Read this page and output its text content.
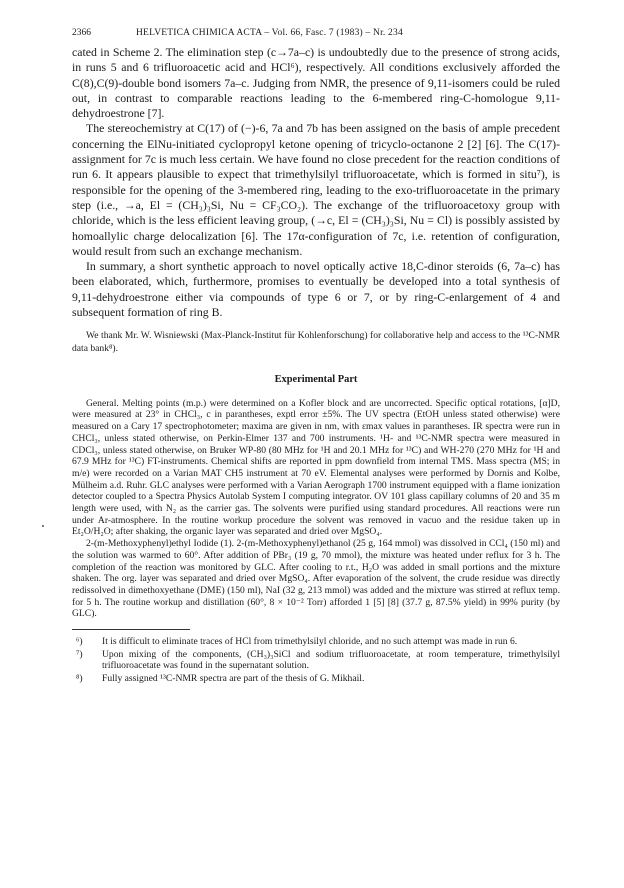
2366	HELVETICA CHIMICA ACTA – Vol. 66, Fasc. 7 (1983) – Nr. 234

cated in Scheme 2. The elimination step (c→7a–c) is undoubtedly due to the presence of strong acids, in runs 5 and 6 trifluoroacetic acid and HCl⁶), respectively. All conditions exclusively afforded the C(8),C(9)-double bond isomers 7a–c. Judging from NMR, the presence of 9,11-isomers could be ruled out, in contrast to comparable reactions leading to the 6-membered ring-C-homologue 9,11-dehydroestrone [7].

The stereochemistry at C(17) of (−)-6, 7a and 7b has been assigned on the basis of ample precedent concerning the ElNu-initiated cyclopropyl ketone opening of tricyclo-octanone 2 [2] [6]. The C(17)-assignment for 7c is much less certain. We have found no close precedent for the reaction conditions of run 6. It appears plausible to expect that trimethylsilyl trifluoroacetate, which is formed in situ⁷), is responsible for the opening of the 3-membered ring, leading to the exo-trifluoroacetate in the primary step (i.e., →a, El = (CH₃)₃Si, Nu = CF₃CO₂). The exchange of the trifluoroacetoxy group with chloride, which is the less efficient leaving group, (→c, El = (CH₃)₃Si, Nu = Cl) is possibly assisted by homoallylic charge delocalization [6]. The 17α-configuration of 7c, i.e. retention of configuration, would result from such an exchange mechanism.

In summary, a short synthetic approach to novel optically active 18,C-dinor steroids (6, 7a–c) has been elaborated, which, furthermore, promises to eventually be developed into a total synthesis of 9,11-dehydroestrone either via compounds of type 6 or 7, or by ring-C-enlargement of 4 and subsequent formation of ring B.

We thank Mr. W. Wisniewski (Max-Planck-Institut für Kohlenforschung) for collaborative help and access to the ¹³C-NMR data bank⁸).

Experimental Part

General. Melting points (m.p.) were determined on a Kofler block and are uncorrected. Specific optical rotations, [α]D, were measured at 23° in CHCl₃, c in parantheses, exptl error ±5%. The UV spectra (EtOH unless stated otherwise) were measured on a Cary 17 spectrophotometer; maxima are given in nm, with εmax values in parantheses. IR spectra were run in CHCl₃, unless stated otherwise, on Perkin-Elmer 137 and 700 instruments. ¹H- and ¹³C-NMR spectra were measured in CDCl₃, unless stated otherwise, on Bruker WP-80 (80 MHz for ¹H and 20.1 MHz for ¹³C) and WH-270 (270 MHz for ¹H and 67.9 MHz for ¹³C) FT-instruments. Chemical shifts are reported in ppm downfield from internal TMS. Mass spectra (MS; in m/e) were recorded on a Varian MAT CH5 instrument at 70 eV. Elemental analyses were performed by Dornis and Kolbe, Mülheim a.d. Ruhr. GLC analyses were performed with a Varian Aerograph 1700 instrument equipped with a flame ionization detector coupled to a Spectra Physics Autolab System I computing integrator. OV 101 glass capillary columns of 20 and 35 m length were used, with N₂ as the carrier gas. The solvents were purified using standard procedures. All reactions were run under Ar-atmosphere. In the routine workup procedure the solvent was removed in vacuo and the residue taken up in Et₂O/H₂O; after shaking, the organic layer was separated and dried over MgSO₄.

2-(m-Methoxyphenyl)ethyl Iodide (1). 2-(m-Methoxyphenyl)ethanol (25 g, 164 mmol) was dissolved in CCl₄ (150 ml) and the solution was warmed to 60°. After addition of PBr₃ (19 g, 70 mmol), the mixture was heated under reflux for 3 h. The completion of the reaction was monitored by GLC. After cooling to r.t., H₂O was added in small portions and the mixture shaken. The org. layer was separated and dried over MgSO₄. After evaporation of the solvent, the crude residue was directly redissolved in dimethoxyethane (DME) (150 ml), NaI (32 g, 213 mmol) was added and the mixture was stirred at reflux temp. for 5 h. The routine workup and distillation (60°, 8 × 10⁻² Torr) afforded 1 [5] [8] (37.7 g, 87.5% yield) in 99% purity (by GLC).

⁶)	It is difficult to eliminate traces of HCl from trimethylsilyl chloride, and no such attempt was made in run 6.
⁷)	Upon mixing of the components, (CH₃)₃SiCl and sodium trifluoroacetate, at room temperature, trimethylsilyl trifluoroacetate was found in the supernatant solution.
⁸)	Fully assigned ¹³C-NMR spectra are part of the thesis of G. Mikhail.
